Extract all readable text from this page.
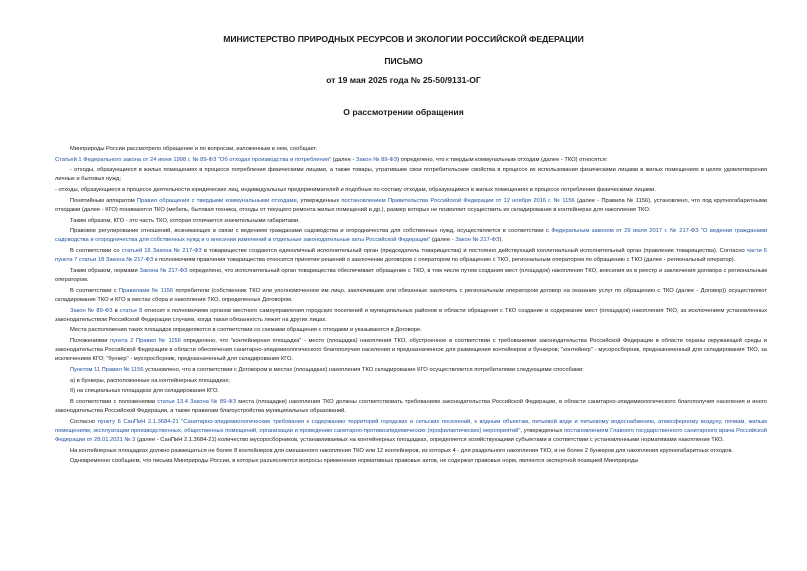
МИНИСТЕРСТВО ПРИРОДНЫХ РЕСУРСОВ И ЭКОЛОГИИ РОССИЙСКОЙ ФЕДЕРАЦИИ
ПИСЬМО
от 19 мая 2025 года № 25-50/9131-ОГ
О рассмотрении обращения

Минприроды России рассмотрело обращение и по вопросам, изложенным в нем, сообщает.

Статьей 1 Федерального закона от 24 июня 1998 г. № 89-ФЗ "Об отходах производства и потребления" (далее - Закон № 89-ФЗ) определено, что к твердым коммунальным отходам (далее - ТКО) относятся:

- отходы, образующиеся в жилых помещениях в процессе потребления физическими лицами, а также товары, утратившие свои потребительские свойства в процессе их использования физическими лицами в жилых помещениях в целях удовлетворения личных и бытовых нужд;

- отходы, образующиеся в процессе деятельности юридических лиц, индивидуальных предпринимателей и подобные по составу отходам, образующимся в жилых помещениях в процессе потребления физическими лицами.

Понятийным аппаратом Правил обращения с твердыми коммунальными отходами, утвержденных постановлением Правительства Российской Федерации от 12 ноября 2016 г. № 1156 (далее - Правила № 1156), установлено, что под крупногабаритными отходами (далее - КГО) понимаются ТКО (мебель, бытовая техника, отходы от текущего ремонта жилых помещений и др.), размер которых не позволяет осуществить их складирование в контейнерах для накопления ТКО.

Таким образом, КГО - это часть ТКО, которая отличается значительными габаритами.

Правовое регулирование отношений, возникающих в связи с ведением гражданами садоводства и огородничества для собственных нужд, осуществляется в соответствии с Федеральным законом от 29 июля 2017 г. № 217-ФЗ "О ведении гражданами садоводства и огородничества для собственных нужд и о внесении изменений в отдельные законодательные акты Российской Федерации" (далее - Закон № 217-ФЗ).

В соответствии со статьей 16 Закона № 217-ФЗ в товариществе создаются единоличный исполнительный орган (председатель товарищества) и постоянно действующий коллегиальный исполнительный орган (правление товарищества). Согласно части 6 пункта 7 статьи 18 Закона № 217-ФЗ к полномочиям правления товарищества относится принятие решений о заключении договоров с оператором по обращению с ТКО, региональным оператором по обращению с ТКО (далее - региональный оператор).

Таким образом, нормами Закона № 217-ФЗ определено, что исполнительный орган товарищества обеспечивает обращение с ТКО, в том числе путем создания мест (площадок) накопления ТКО, внесения их в реестр и заключения договора с региональным оператором.

В соответствии с Правилами № 1156 потребители (собственник ТКО или уполномоченное им лицо, заключившие или обязанные заключить с региональным оператором договор на оказание услуг по обращению с ТКО (далее - Договор)) осуществляют складирование ТКО и КГО в местах сбора и накопления ТКО, определенных Договором.

Закон № 89-ФЗ в статье 8 относит к полномочиям органов местного самоуправления городских поселений и муниципальных районов в области обращения с ТКО создание и содержание мест (площадок) накопления ТКО, за исключением установленных законодательством Российской Федерации случаев, когда такая обязанность лежит на других лицах.

Места расположения таких площадок определяются в соответствии со схемами обращения с отходами и указываются в Договоре.

Положениями пункта 2 Правил № 1156 определено, что "контейнерная площадка" - место (площадка) накопления ТКО, обустроенное в соответствии с требованиями законодательства Российской Федерации в области охраны окружающей среды и законодательства Российской Федерации в области обеспечения санитарно-эпидемиологического благополучия населения и предназначенное для размещения контейнеров и бункеров; "контейнер" - мусоросборник, предназначенный для складирования ТКО, за исключением КГО; "бункер" - мусоросборник, предназначенный для складирования КГО.

Пунктом 11 Правил № 1156 установлено, что в соответствии с Договором в местах (площадках) накопления ТКО складирование КГО осуществляется потребителями следующими способами:

а) в бункеры, расположенные на контейнерных площадках;

б) на специальных площадках для складирования КГО.

В соответствии с положениями статьи 13.4 Закона № 89-ФЗ места (площадки) накопления ТКО должны соответствовать требованиям законодательства Российской Федерации, в области санитарно-эпидемиологического благополучия населения и иного законодательства Российской Федерации, а также правилам благоустройства муниципальных образований.

Согласно пункту 6 СанПиН 2.1.3684-21 "Санитарно-эпидемиологические требования к содержанию территорий городских и сельских поселений, к водным объектам, питьевой воде и питьевому водоснабжению, атмосферному воздуху, почвам, жилым помещениям, эксплуатации производственных, общественных помещений, организации и проведению санитарно-противоэпидемических (профилактических) мероприятий", утвержденных постановлением Главного государственного санитарного врача Российской Федерации от 28.01.2021 № 3 (далее - СанПиН 2.1.3684-21) количество мусоросборников, устанавливаемых на контейнерных площадках, определяется хозяйствующими субъектами в соответствии с установленными нормативами накопления ТКО.

На контейнерных площадках должно размещаться не более 8 контейнеров для смешанного накопления ТКО или 12 контейнеров, из которых 4 - для раздельного накопления ТКО, и не более 2 бункеров для накопления крупногабаритных отходов.

Одновременно сообщаем, что письма Минприроды России, в которых разъясняются вопросы применения нормативных правовых актов, не содержат правовых норм, являются экспертной позицией Минприроды
